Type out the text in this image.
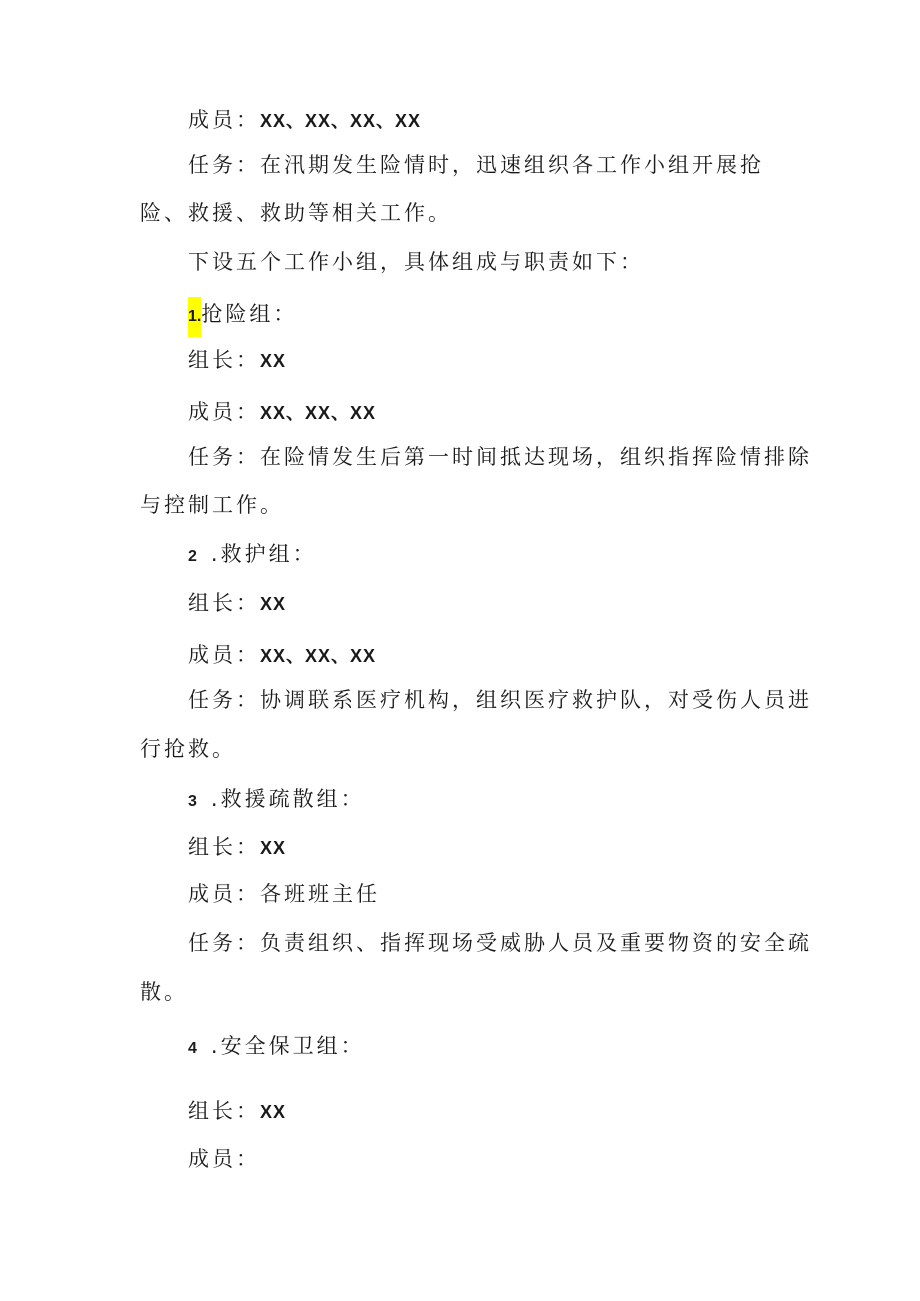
成员：XX、XX、XX、XX
任务：在汛期发生险情时，迅速组织各工作小组开展抢
险、救援、救助等相关工作。
下设五个工作小组，具体组成与职责如下：
1.抢险组：
组长：XX
成员：XX、XX、XX
任务：在险情发生后第一时间抵达现场，组织指挥险情排除
与控制工作。
2 .救护组：
组长：XX
成员：XX、XX、XX
任务：协调联系医疗机构，组织医疗救护队，对受伤人员进
行抢救。
3 .救援疏散组：
组长：XX
成员：各班班主任
任务：负责组织、指挥现场受威胁人员及重要物资的安全疏
散。
4 .安全保卫组：
组长：XX
成员：
